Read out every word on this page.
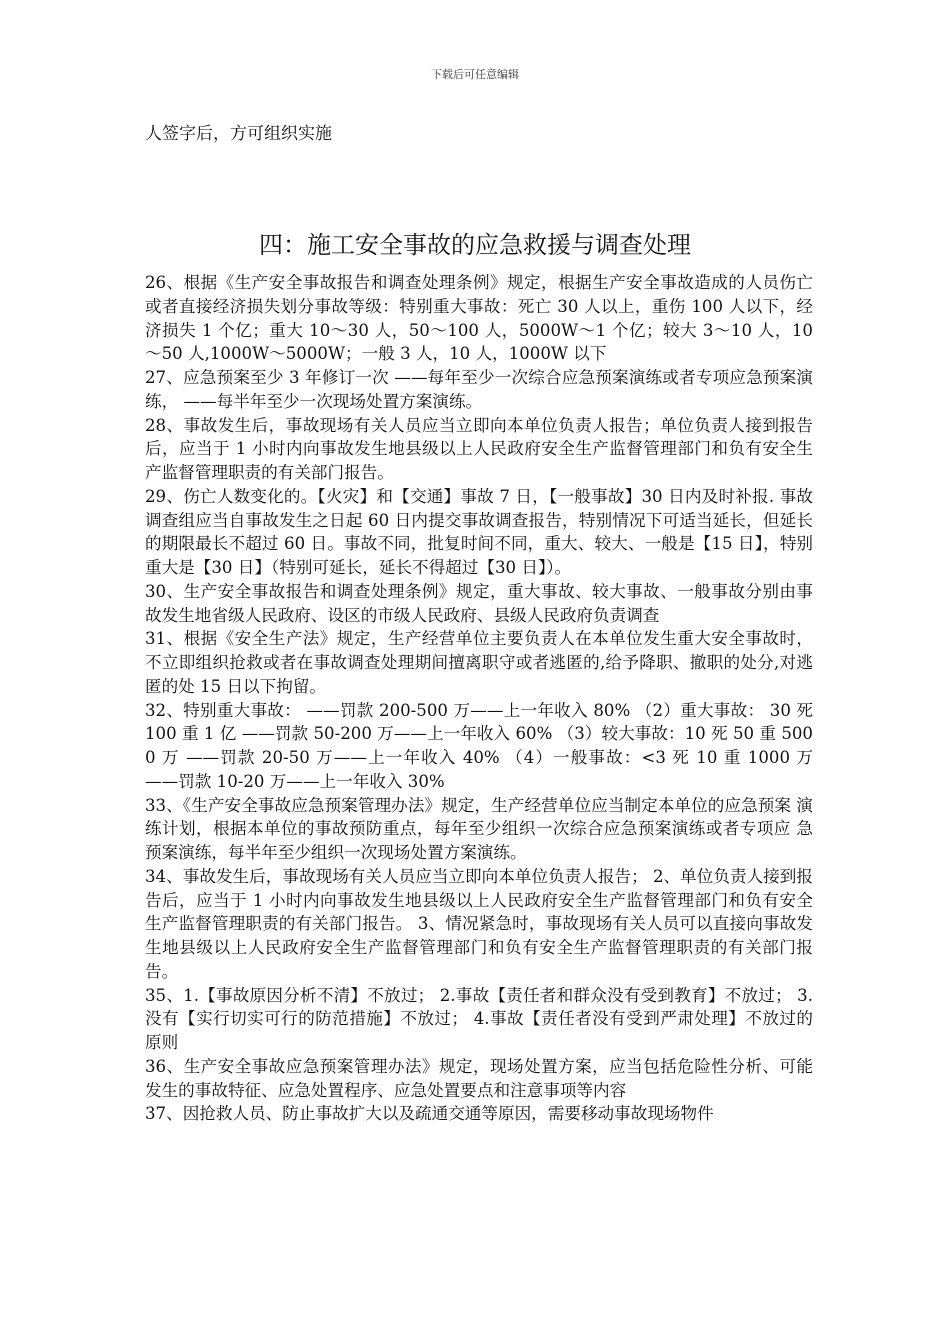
下载后可任意编辑
人签字后，方可组织实施
四：施工安全事故的应急救援与调查处理

26、根据《生产安全事故报告和调查处理条例》规定，根据生产安全事故造成的人员伤亡或者直接经济损失划分事故等级：特别重大事故：死亡 30 人以上，重伤 100 人以下，经济损失 1 个亿；重大 10～30 人，50～100 人，5000W～1 个亿；较大 3～10 人，10～50 人,1000W～5000W；一般 3 人，10 人，1000W 以下

27、应急预案至少 3 年修订一次 ——每年至少一次综合应急预案演练或者专项应急预案演练， ——每半年至少一次现场处置方案演练。

28、事故发生后，事故现场有关人员应当立即向本单位负责人报告；单位负责人接到报告后，应当于 1 小时内向事故发生地县级以上人民政府安全生产监督管理部门和负有安全生产监督管理职责的有关部门报告。

29、伤亡人数变化的。【火灾】和【交通】事故 7 日，【一般事故】30 日内及时补报. 事故调查组应当自事故发生之日起 60 日内提交事故调查报告，特别情况下可适当延长，但延长的期限最长不超过 60 日。事故不同，批复时间不同，重大、较大、一般是【15 日】，特别重大是【30 日】（特别可延长，延长不得超过【30 日】）。

30、生产安全事故报告和调查处理条例》规定，重大事故、较大事故、一般事故分别由事故发生地省级人民政府、设区的市级人民政府、县级人民政府负责调查

31、根据《安全生产法》规定，生产经营单位主要负责人在本单位发生重大安全事故时，不立即组织抢救或者在事故调查处理期间擅离职守或者逃匿的,给予降职、撤职的处分,对逃匿的处 15 日以下拘留。

32、特别重大事故： ——罚款 200-500 万——上一年收入 80% （2）重大事故： 30 死 100 重 1 亿 ——罚款 50-200 万——上一年收入 60% （3）较大事故：10 死 50 重 5000 万 ——罚款 20-50 万——上一年收入 40% （4）一般事故：<3 死 10 重 1000 万 ——罚款 10-20 万——上一年收入 30%

33、《生产安全事故应急预案管理办法》规定，生产经营单位应当制定本单位的应急预案 演练计划，根据本单位的事故预防重点，每年至少组织一次综合应急预案演练或者专项应 急预案演练，每半年至少组织一次现场处置方案演练。

34、事故发生后，事故现场有关人员应当立即向本单位负责人报告； 2、单位负责人接到报告后，应当于 1 小时内向事故发生地县级以上人民政府安全生产监督管理部门和负有安全生产监督管理职责的有关部门报告。 3、情况紧急时，事故现场有关人员可以直接向事故发生地县级以上人民政府安全生产监督管理部门和负有安全生产监督管理职责的有关部门报告。

35、1.【事故原因分析不清】不放过； 2.事故【责任者和群众没有受到教育】不放过； 3.没有【实行切实可行的防范措施】不放过； 4.事故【责任者没有受到严肃处理】不放过的原则

36、生产安全事故应急预案管理办法》规定，现场处置方案，应当包括危险性分析、可能发生的事故特征、应急处置程序、应急处置要点和注意事项等内容

37、因抢救人员、防止事故扩大以及疏通交通等原因，需要移动事故现场物件
